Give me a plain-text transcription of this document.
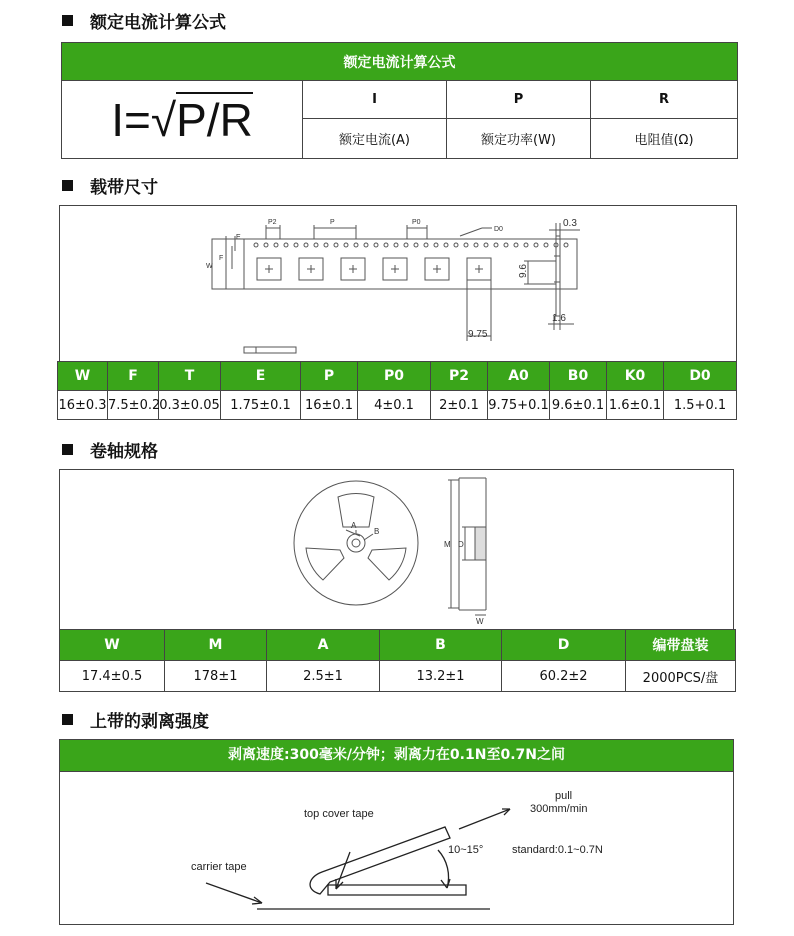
额定电流计算公式
额定电流计算公式			
I=√P/R	I	P	R
	额定电流(A)	额定功率(W)	电阻值(Ω)
载带尺寸
P2	P	P0
D0
E
F
W
0.3
9.6
9.75
1.6
W	F	T	E	P	P0	P2	A0	B0	K0	D0
16±0.3	7.5±0.2	0.3±0.05	1.75±0.1	16±0.1	4±0.1	2±0.1	9.75+0.1	9.6±0.1	1.6±0.1	1.5+0.1
卷轴规格
A
B
M D
W
W	M	A	B	D	编带盘装
17.4±0.5	178±1	2.5±1	13.2±1	60.2±2	2000PCS/盘
上带的剥离强度
剥离速度:300毫米/分钟；剥离力在0.1N至0.7N之间
pull
300mm/min
top cover tape
10~15°	standard:0.1~0.7N
carrier tape
